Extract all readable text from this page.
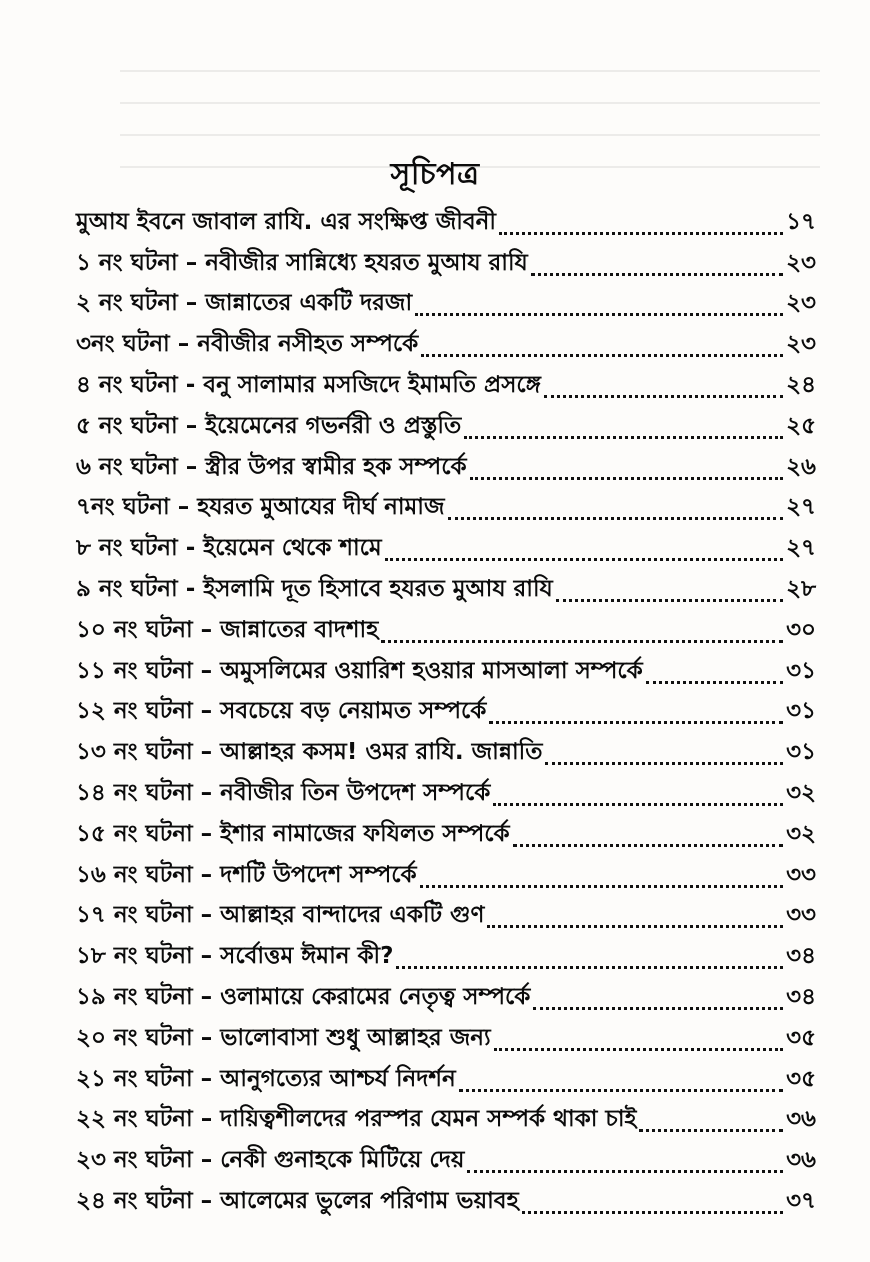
সূচিপত্র
মুআয ইবনে জাবাল রাযি. এর সংক্ষিপ্ত জীবনী	১৭
১ নং ঘটনা – নবীজীর সান্নিধ্যে হযরত মুআয রাযি	২৩
২ নং ঘটনা – জান্নাতের একটি দরজা	২৩
৩নং ঘটনা – নবীজীর নসীহত সম্পর্কে	২৩
৪ নং ঘটনা - বনু সালামার মসজিদে ইমামতি প্রসঙ্গে	২৪
৫ নং ঘটনা – ইয়েমেনের গভর্নরী ও প্রস্তুতি	২৫
৬ নং ঘটনা – স্ত্রীর উপর স্বামীর হক সম্পর্কে	২৬
৭নং ঘটনা – হযরত মুআযের দীর্ঘ নামাজ	২৭
৮ নং ঘটনা - ইয়েমেন থেকে শামে	২৭
৯ নং ঘটনা - ইসলামি দূত হিসাবে হযরত মুআয রাযি	২৮
১০ নং ঘটনা – জান্নাতের বাদশাহ	৩০
১১ নং ঘটনা – অমুসলিমের ওয়ারিশ হওয়ার মাসআলা সম্পর্কে	৩১
১২ নং ঘটনা – সবচেয়ে বড় নেয়ামত সম্পর্কে	৩১
১৩ নং ঘটনা – আল্লাহর কসম! ওমর রাযি. জান্নাতি	৩১
১৪ নং ঘটনা – নবীজীর তিন উপদেশ সম্পর্কে	৩২
১৫ নং ঘটনা – ইশার নামাজের ফযিলত সম্পর্কে	৩২
১৬ নং ঘটনা – দশটি উপদেশ সম্পর্কে	৩৩
১৭ নং ঘটনা – আল্লাহর বান্দাদের একটি গুণ	৩৩
১৮ নং ঘটনা – সর্বোত্তম ঈমান কী?	৩৪
১৯ নং ঘটনা – ওলামায়ে কেরামের নেতৃত্ব সম্পর্কে	৩৪
২০ নং ঘটনা – ভালোবাসা শুধু আল্লাহর জন্য	৩৫
২১ নং ঘটনা – আনুগত্যের আশ্চর্য নিদর্শন	৩৫
২২ নং ঘটনা – দায়িত্বশীলদের পরস্পর যেমন সম্পর্ক থাকা চাই	৩৬
২৩ নং ঘটনা – নেকী গুনাহকে মিটিয়ে দেয়	৩৬
২৪ নং ঘটনা – আলেমের ভুলের পরিণাম ভয়াবহ	৩৭
